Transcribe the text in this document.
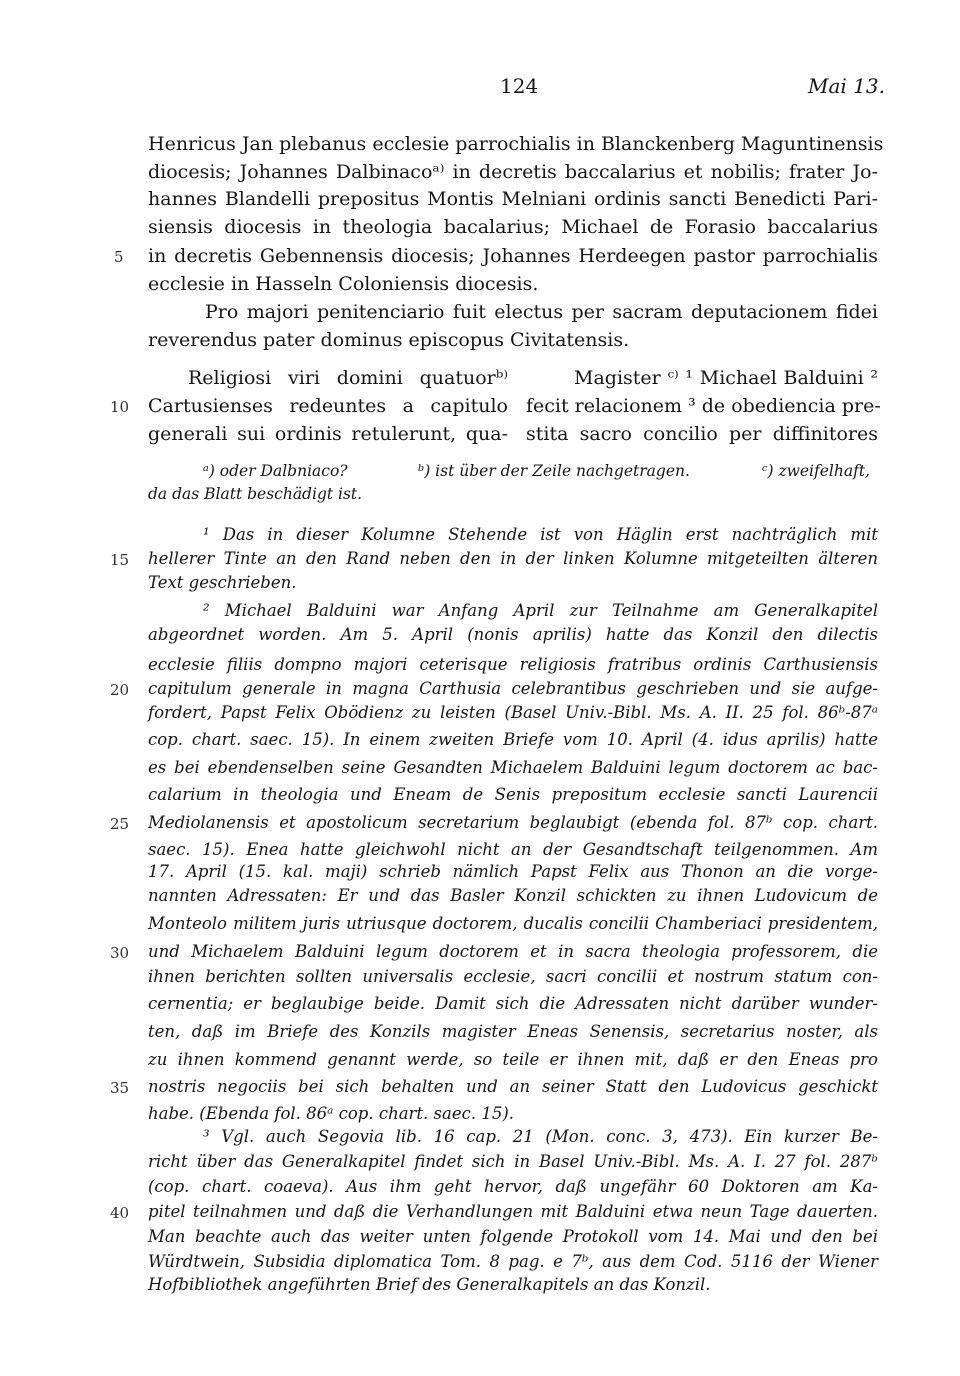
124	Mai 13.
Henricus Jan plebanus ecclesie parrochialis in Blanckenberg Maguntinensis
diocesis; Johannes Dalbinacoᵃ⁾ in decretis baccalarius et nobilis; frater Jo-
hannes Blandelli prepositus Montis Melniani ordinis sancti Benedicti Pari-
siensis diocesis in theologia bacalarius; Michael de Forasio baccalarius
in decretis Gebennensis diocesis; Johannes Herdeegen pastor parrochialis
ecclesie in Hasseln Coloniensis diocesis.
Pro majori penitenciario fuit electus per sacram deputacionem fidei
reverendus pater dominus episcopus Civitatensis.
Religiosi viri domini quatuorᵇ⁾
Cartusienses redeuntes a capitulo
generali sui ordinis retulerunt, qua-
Magister ᶜ⁾ ¹ Michael Balduini ²
fecit relacionem ³ de obediencia pre-
stita sacro concilio per diffinitores
ᵃ) oder Dalbniaco?	ᵇ) ist über der Zeile nachgetragen.	ᶜ) zweifelhaft,
da das Blatt beschädigt ist.
¹ Das in dieser Kolumne Stehende ist von Häglin erst nachträglich mit
hellerer Tinte an den Rand neben den in der linken Kolumne mitgeteilten älteren
Text geschrieben.
² Michael Balduini war Anfang April zur Teilnahme am Generalkapitel
abgeordnet worden. Am 5. April (nonis aprilis) hatte das Konzil den dilectis
ecclesie filiis dompno majori ceterisque religiosis fratribus ordinis Carthusiensis
capitulum generale in magna Carthusia celebrantibus geschrieben und sie aufge-
fordert, Papst Felix Obödienz zu leisten (Basel Univ.-Bibl. Ms. A. II. 25 fol. 86ᵇ-87ᵃ
cop. chart. saec. 15). In einem zweiten Briefe vom 10. April (4. idus aprilis) hatte
es bei ebendenselben seine Gesandten Michaelem Balduini legum doctorem ac bac-
calarium in theologia und Eneam de Senis prepositum ecclesie sancti Laurencii
Mediolanensis et apostolicum secretarium beglaubigt (ebenda fol. 87ᵇ cop. chart.
saec. 15). Enea hatte gleichwohl nicht an der Gesandtschaft teilgenommen. Am
17. April (15. kal. maji) schrieb nämlich Papst Felix aus Thonon an die vorge-
nannten Adressaten: Er und das Basler Konzil schickten zu ihnen Ludovicum de
Monteolo militem juris utriusque doctorem, ducalis concilii Chamberiaci presidentem,
und Michaelem Balduini legum doctorem et in sacra theologia professorem, die
ihnen berichten sollten universalis ecclesie, sacri concilii et nostrum statum con-
cernentia; er beglaubige beide. Damit sich die Adressaten nicht darüber wunder-
ten, daß im Briefe des Konzils magister Eneas Senensis, secretarius noster, als
zu ihnen kommend genannt werde, so teile er ihnen mit, daß er den Eneas pro
nostris negociis bei sich behalten und an seiner Statt den Ludovicus geschickt
habe. (Ebenda fol. 86ᵃ cop. chart. saec. 15).
³ Vgl. auch Segovia lib. 16 cap. 21 (Mon. conc. 3, 473). Ein kurzer Be-
richt über das Generalkapitel findet sich in Basel Univ.-Bibl. Ms. A. I. 27 fol. 287ᵇ
(cop. chart. coaeva). Aus ihm geht hervor, daß ungefähr 60 Doktoren am Ka-
pitel teilnahmen und daß die Verhandlungen mit Balduini etwa neun Tage dauerten.
Man beachte auch das weiter unten folgende Protokoll vom 14. Mai und den bei
Würdtwein, Subsidia diplomatica Tom. 8 pag. e 7ᵇ, aus dem Cod. 5116 der Wiener
Hofbibliothek angeführten Brief des Generalkapitels an das Konzil.
5
10
15
20
25
30
35
40
